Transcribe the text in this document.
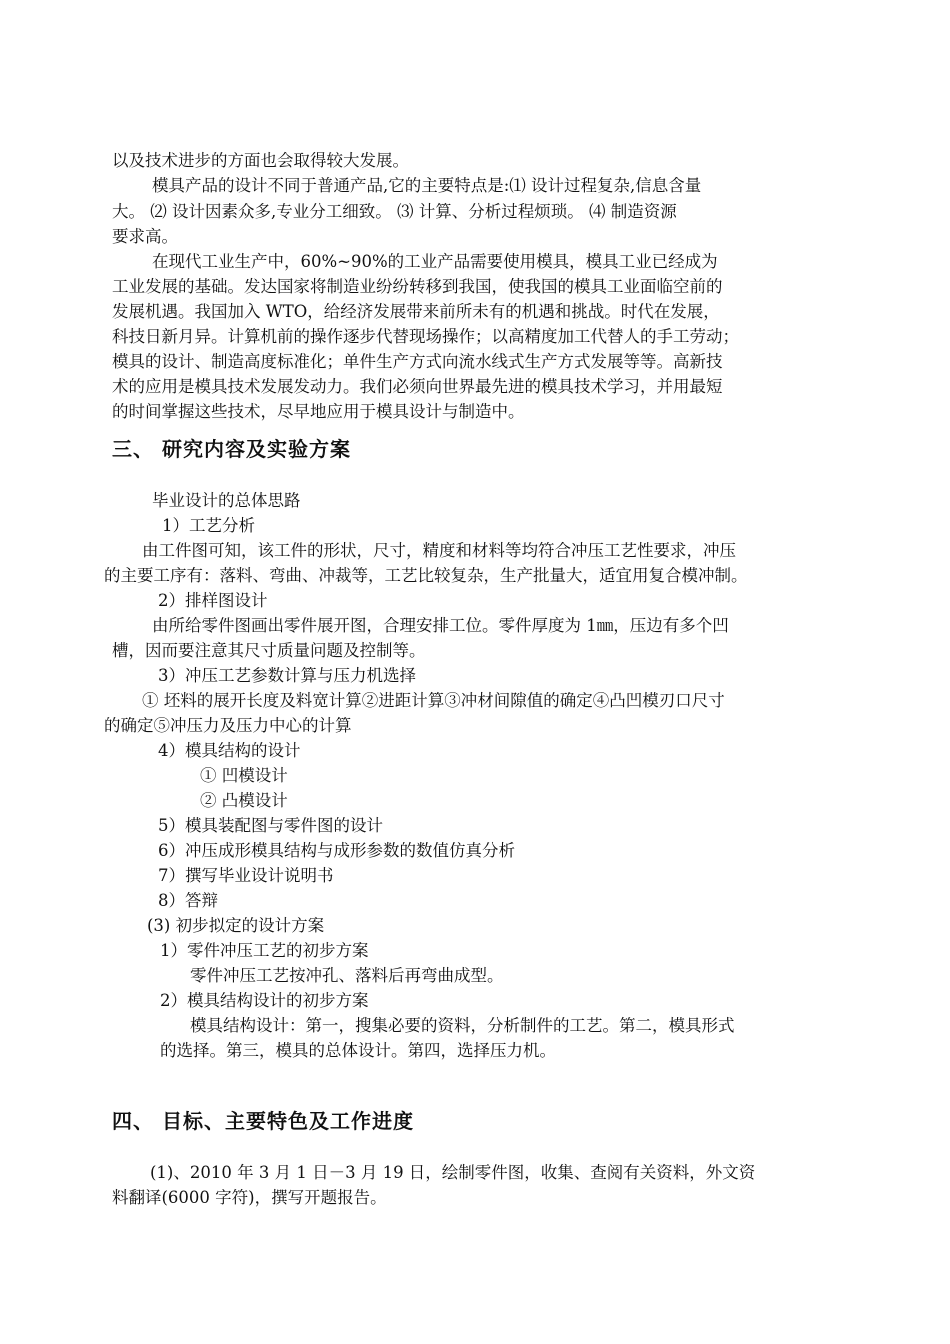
以及技术进步的方面也会取得较大发展。
模具产品的设计不同于普通产品,它的主要特点是:⑴ 设计过程复杂,信息含量
大。 ⑵ 设计因素众多,专业分工细致。 ⑶ 计算、分析过程烦琐。 ⑷ 制造资源
要求高。
在现代工业生产中，60%~90%的工业产品需要使用模具，模具工业已经成为
工业发展的基础。发达国家将制造业纷纷转移到我国，使我国的模具工业面临空前的
发展机遇。我国加入 WTO，给经济发展带来前所未有的机遇和挑战。时代在发展，
科技日新月异。计算机前的操作逐步代替现场操作；以高精度加工代替人的手工劳动；
模具的设计、制造高度标准化；单件生产方式向流水线式生产方式发展等等。高新技
术的应用是模具技术发展发动力。我们必须向世界最先进的模具技术学习，并用最短
的时间掌握这些技术，尽早地应用于模具设计与制造中。
三、 研究内容及实验方案
毕业设计的总体思路
1）工艺分析
由工件图可知，该工件的形状，尺寸，精度和材料等均符合冲压工艺性要求，冲压
的主要工序有：落料、弯曲、冲裁等，工艺比较复杂，生产批量大，适宜用复合模冲制。
2）排样图设计
由所给零件图画出零件展开图，合理安排工位。零件厚度为 1㎜，压边有多个凹
槽，因而要注意其尺寸质量问题及控制等。
3）冲压工艺参数计算与压力机选择
① 坯料的展开长度及料宽计算②进距计算③冲材间隙值的确定④凸凹模刃口尺寸
的确定⑤冲压力及压力中心的计算
4）模具结构的设计
① 凹模设计
② 凸模设计
5）模具装配图与零件图的设计
6）冲压成形模具结构与成形参数的数值仿真分析
7）撰写毕业设计说明书
8）答辩
(3) 初步拟定的设计方案
1）零件冲压工艺的初步方案
零件冲压工艺按冲孔、落料后再弯曲成型。
2）模具结构设计的初步方案
模具结构设计：第一，搜集必要的资料，分析制件的工艺。第二，模具形式
的选择。第三，模具的总体设计。第四，选择压力机。
四、 目标、主要特色及工作进度
(1)、2010 年 3 月 1 日－3 月 19 日，绘制零件图，收集、查阅有关资料，外文资
料翻译(6000 字符)，撰写开题报告。
